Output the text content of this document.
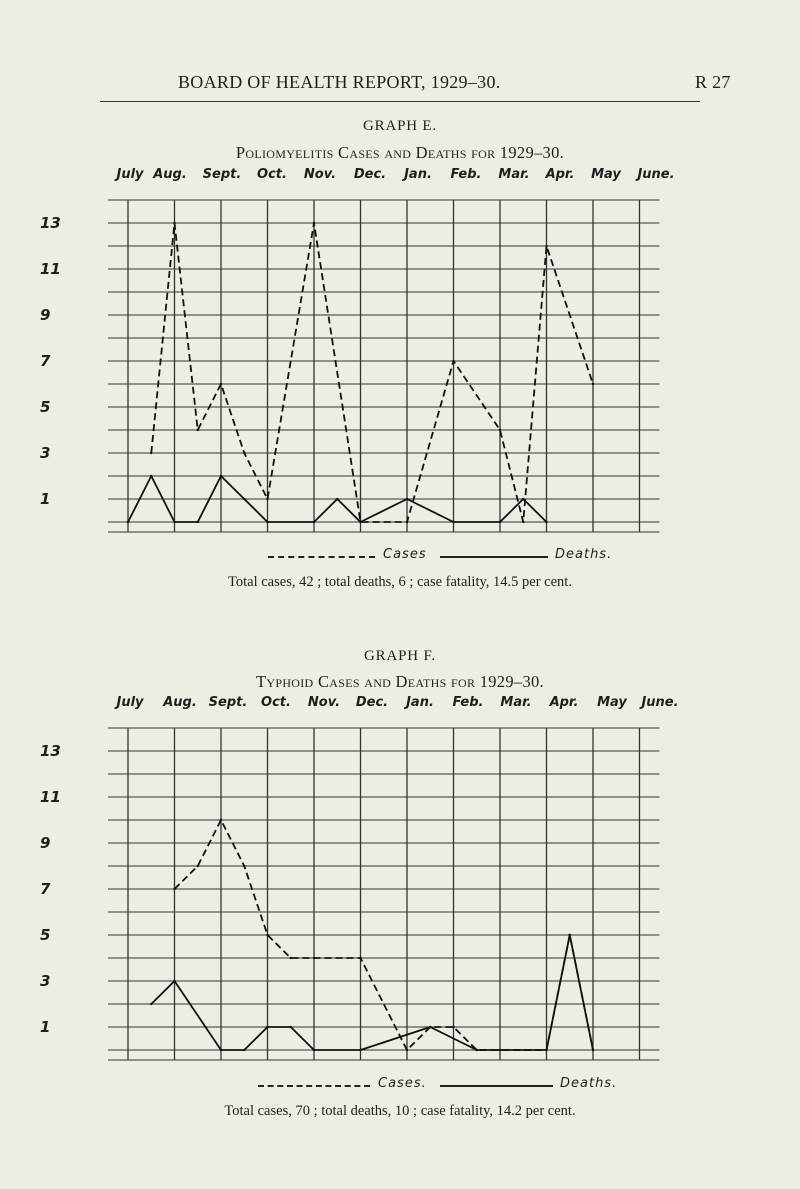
BOARD OF HEALTH REPORT, 1929–30.	R 27
GRAPH E.
Poliomyelitis Cases and Deaths for 1929–30.
July Aug. Sept. Oct. Nov. Dec. Jan. Feb. Mar. Apr. May June.
13
11
9
7
5
3
1
Cases	Deaths.
Total cases, 42 ; total deaths, 6 ; case fatality, 14.5 per cent.
GRAPH F.
Typhoid Cases and Deaths for 1929–30.
July Aug. Sept. Oct. Nov. Dec. Jan. Feb. Mar. Apr. May June.
13
11
9
7
5
3
1
Cases.	Deaths.
Total cases, 70 ; total deaths, 10 ; case fatality, 14.2 per cent.
